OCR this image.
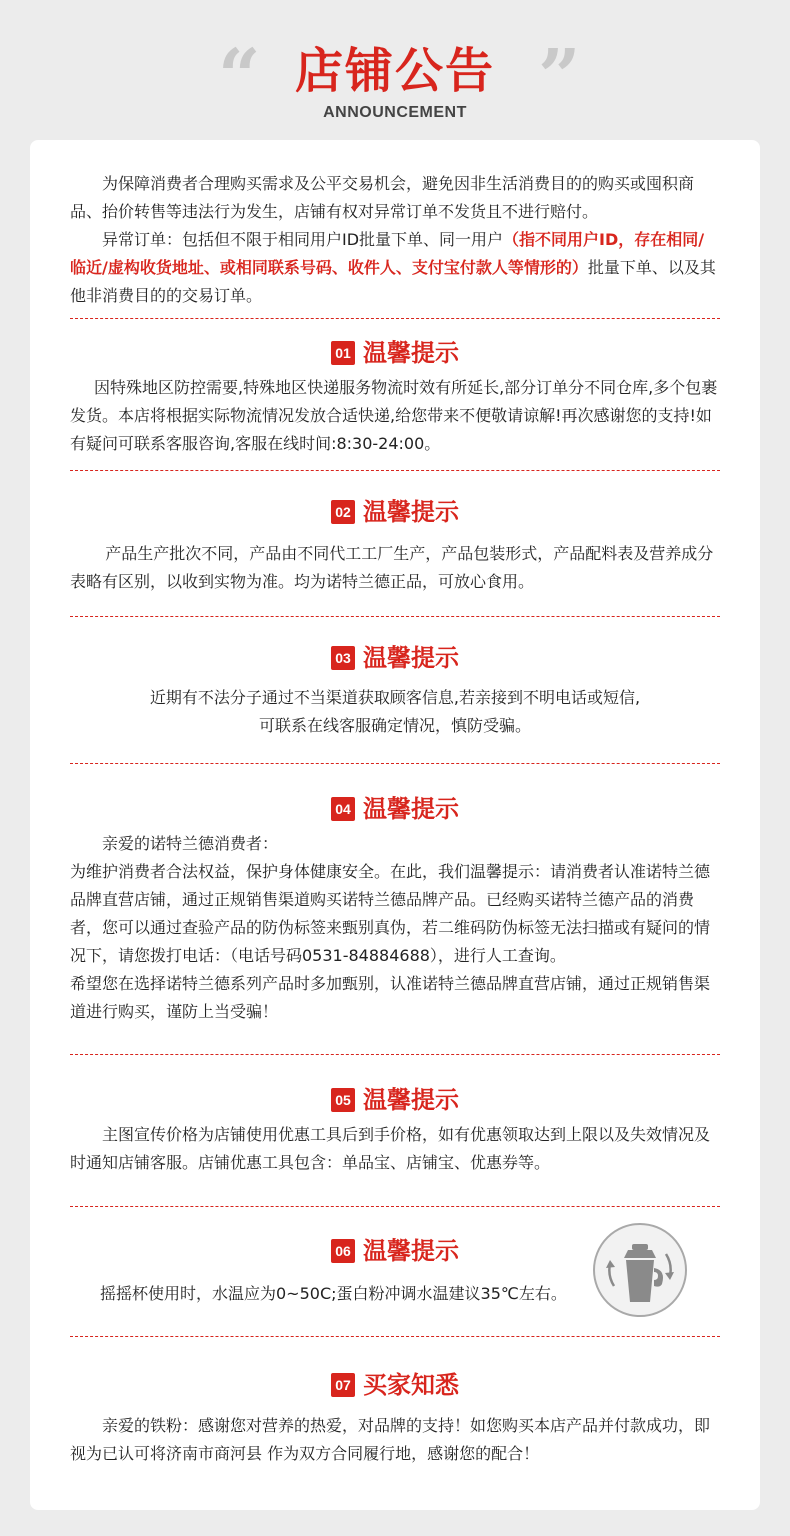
“ 店铺公告 ”
ANNOUNCEMENT

为保障消费者合理购买需求及公平交易机会，避免因非生活消费目的的购买或囤积商品、抬价转售等违法行为发生，店铺有权对异常订单不发货且不进行赔付。

异常订单：包括但不限于相同用户ID批量下单、同一用户（指不同用户ID，存在相同/临近/虚构收货地址、或相同联系号码、收件人、支付宝付款人等情形的）批量下单、以及其他非消费目的的交易订单。

01 温馨提示

因特殊地区防控需要,特殊地区快递服务物流时效有所延长,部分订单分不同仓库,多个包裹发货。本店将根据实际物流情况发放合适快递,给您带来不便敬请谅解!再次感谢您的支持!如有疑问可联系客服咨询,客服在线时间:8:30-24:00。

02 温馨提示

产品生产批次不同，产品由不同代工工厂生产，产品包装形式，产品配料表及营养成分表略有区别，以收到实物为准。均为诺特兰德正品，可放心食用。

03 温馨提示

近期有不法分子通过不当渠道获取顾客信息,若亲接到不明电话或短信,

可联系在线客服确定情况，慎防受骗。

04 温馨提示

亲爱的诺特兰德消费者：

为维护消费者合法权益，保护身体健康安全。在此，我们温馨提示：请消费者认准诺特兰德品牌直营店铺，通过正规销售渠道购买诺特兰德品牌产品。已经购买诺特兰德产品的消费者，您可以通过查验产品的防伪标签来甄别真伪，若二维码防伪标签无法扫描或有疑问的情况下，请您拨打电话：（电话号码0531-84884688），进行人工查询。

希望您在选择诺特兰德系列产品时多加甄别，认准诺特兰德品牌直营店铺，通过正规销售渠道进行购买，谨防上当受骗！

05 温馨提示

主图宣传价格为店铺使用优惠工具后到手价格，如有优惠领取达到上限以及失效情况及时通知店铺客服。店铺优惠工具包含：单品宝、店铺宝、优惠券等。

06 温馨提示

摇摇杯使用时，水温应为0~50C;蛋白粉冲调水温建议35℃左右。

07 买家知悉

亲爱的铁粉：感谢您对营养的热爱，对品牌的支持！如您购买本店产品并付款成功，即视为已认可将济南市商河县 作为双方合同履行地，感谢您的配合！
